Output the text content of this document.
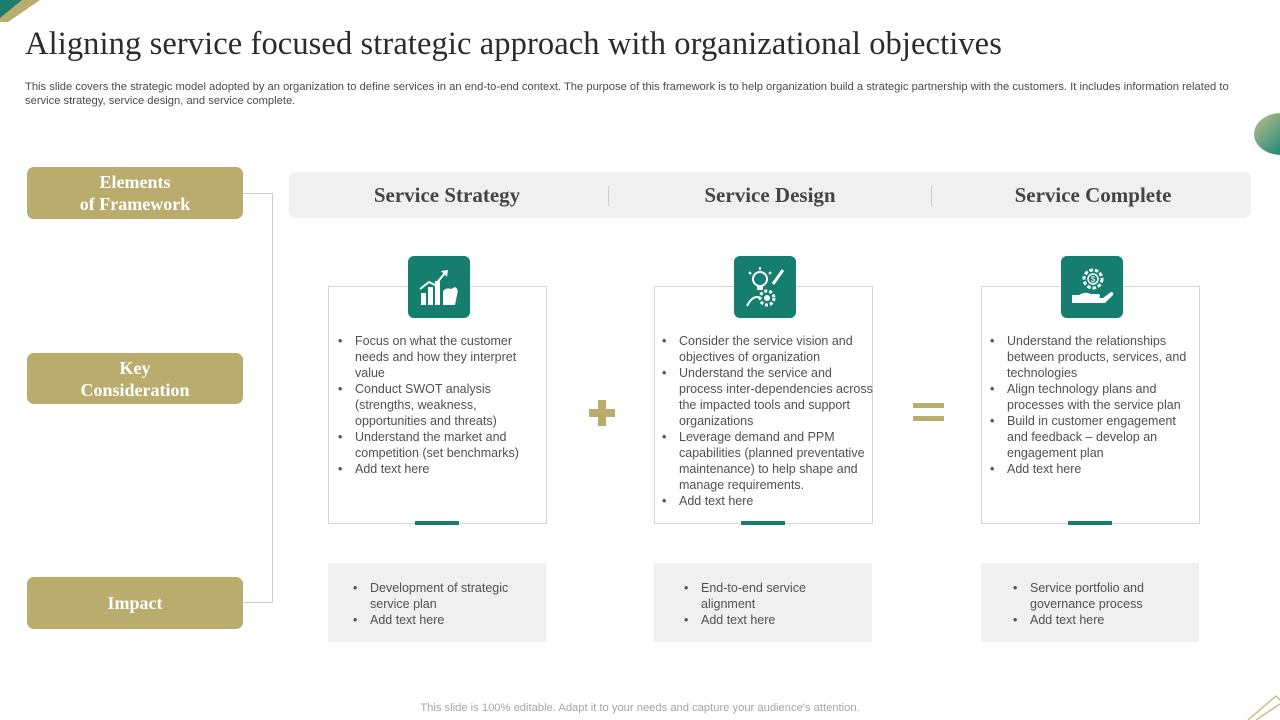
Aligning service focused strategic approach with organizational objectives

This slide covers the strategic model adopted by an organization to define services in an end-to-end context. The purpose of this framework is to help organization build a strategic partnership with the customers. It includes information related to service strategy, service design, and service complete.

Elements
of Framework
Key
Consideration
Impact
Service Strategy	Service Design	Service Complete
$
• Focus on what the customer needs and how they interpret value
• Conduct SWOT analysis (strengths, weakness, opportunities and threats)
• Understand the market and competition (set benchmarks)
• Add text here
• Consider the service vision and objectives of organization
• Understand the service and process inter-dependencies across the impacted tools and support organizations
• Leverage demand and PPM capabilities (planned preventative maintenance) to help shape and manage requirements.
• Add text here
• Understand the relationships between products, services, and technologies
• Align technology plans and processes with the service plan
• Build in customer engagement and feedback – develop an engagement plan
• Add text here
• Development of strategic service plan
• Add text here
• End-to-end service alignment
• Add text here
• Service portfolio and governance process
• Add text here
This slide is 100% editable. Adapt it to your needs and capture your audience's attention.
